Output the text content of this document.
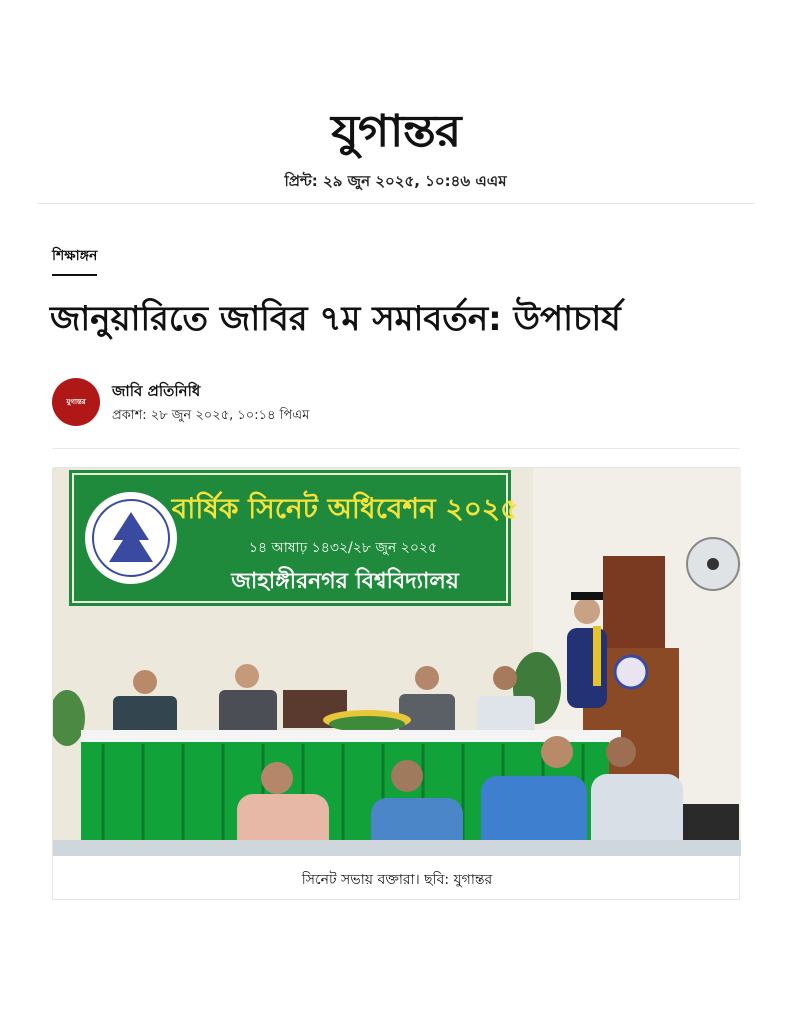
যুগান্তর
প্রিন্ট: ২৯ জুন ২০২৫, ১০:৪৬ এএম
শিক্ষাঙ্গন
জানুয়ারিতে জাবির ৭ম সমাবর্তন: উপাচার্য
যুগান্তর
জাবি প্রতিনিধি
প্রকাশ: ২৮ জুন ২০২৫, ১০:১৪ পিএম
বার্ষিক সিনেট অধিবেশন ২০২৫
১৪ আষাঢ় ১৪৩২/২৮ জুন ২০২৫
জাহাঙ্গীরনগর বিশ্ববিদ্যালয়
সিনেট সভায় বক্তারা। ছবি: যুগান্তর
